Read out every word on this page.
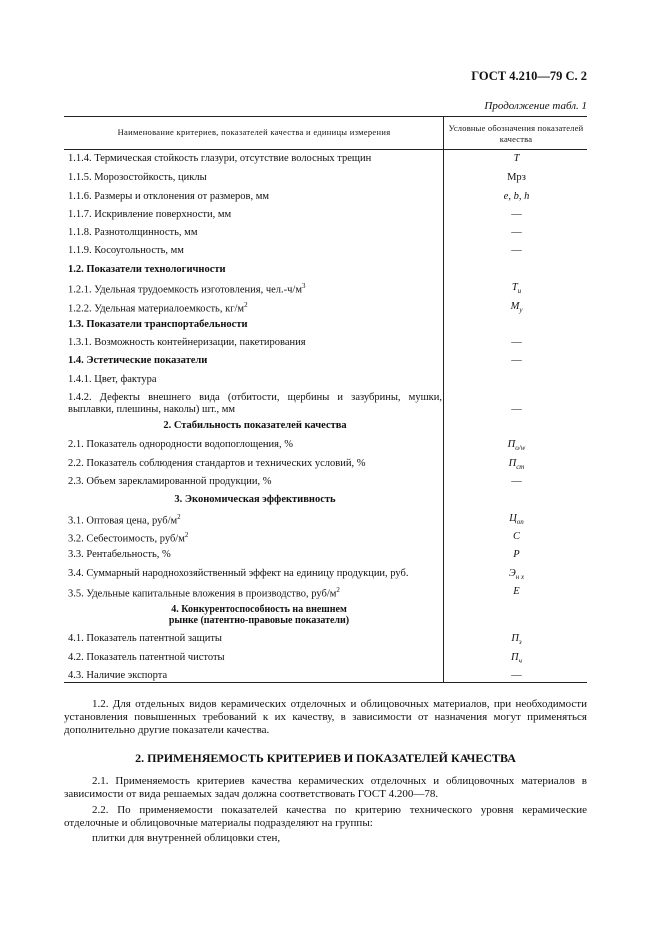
ГОСТ 4.210—79 С. 2
Продолжение табл. 1
Наименование критериев, показателей качества и единицы измерения	Условные обозначения показателей качества
1.1.4. Термическая стойкость глазури, отсутствие волосных трещин	T
1.1.5. Морозостойкость, циклы	Мрз
1.1.6. Размеры и отклонения от размеров, мм	е, b, h
1.1.7. Искривление поверхности, мм	—
1.1.8. Разнотолщинность, мм	—
1.1.9. Косоугольность, мм	—
1.2. Показатели технологичности
1.2.1. Удельная трудоемкость изготовления, $чел.-ч/м^3$	$T_и$
1.2.2. Удельная материалоемкость, $кг/м^2$	$M_у$
1.3. Показатели транспортабельности
1.3.1. Возможность контейнеризации, пакетирования	—
1.4. Эстетические показатели	—
1.4.1. Цвет, фактура
1.4.2. Дефекты внешнего вида (отбитости, щербины и зазубрины, мушки, выплавки, плешины, наколы) шт., мм	—
2. Стабильность показателей качества
2.1. Показатель однородности водопоглощения, %	$П_{о/w}$
2.2. Показатель соблюдения стандартов и технических условий, %	$П_{ст}$
2.3. Объем зарекламированной продукции, %	—
3. Экономическая эффективность
3.1. Оптовая цена, руб/$м^2$	$Ц_{оп}$
3.2. Себестоимость, руб/$м^2$	C
3.3. Рентабельность, %	P
3.4. Суммарный народнохозяйственный эффект на единицу продукции, руб.	$Э_{н х}$
3.5. Удельные капитальные вложения в производство, руб/$м^2$	E
4. Конкурентоспособность на внешнем рынке (патентно-правовые показатели)
4.1. Показатель патентной защиты	$П_з$
4.2. Показатель патентной чистоты	$П_ч$
4.3. Наличие экспорта	—
1.2. Для отдельных видов керамических отделочных и облицовочных материалов, при необходимости установления повышенных требований к их качеству, в зависимости от назначения могут применяться дополнительно другие показатели качества.
2. ПРИМЕНЯЕМОСТЬ КРИТЕРИЕВ И ПОКАЗАТЕЛЕЙ КАЧЕСТВА
2.1. Применяемость критериев качества керамических отделочных и облицовочных материалов в зависимости от вида решаемых задач должна соответствовать ГОСТ 4.200—78.
2.2. По применяемости показателей качества по критерию технического уровня керамические отделочные и облицовочные материалы подразделяют на группы:
плитки для внутренней облицовки стен,
